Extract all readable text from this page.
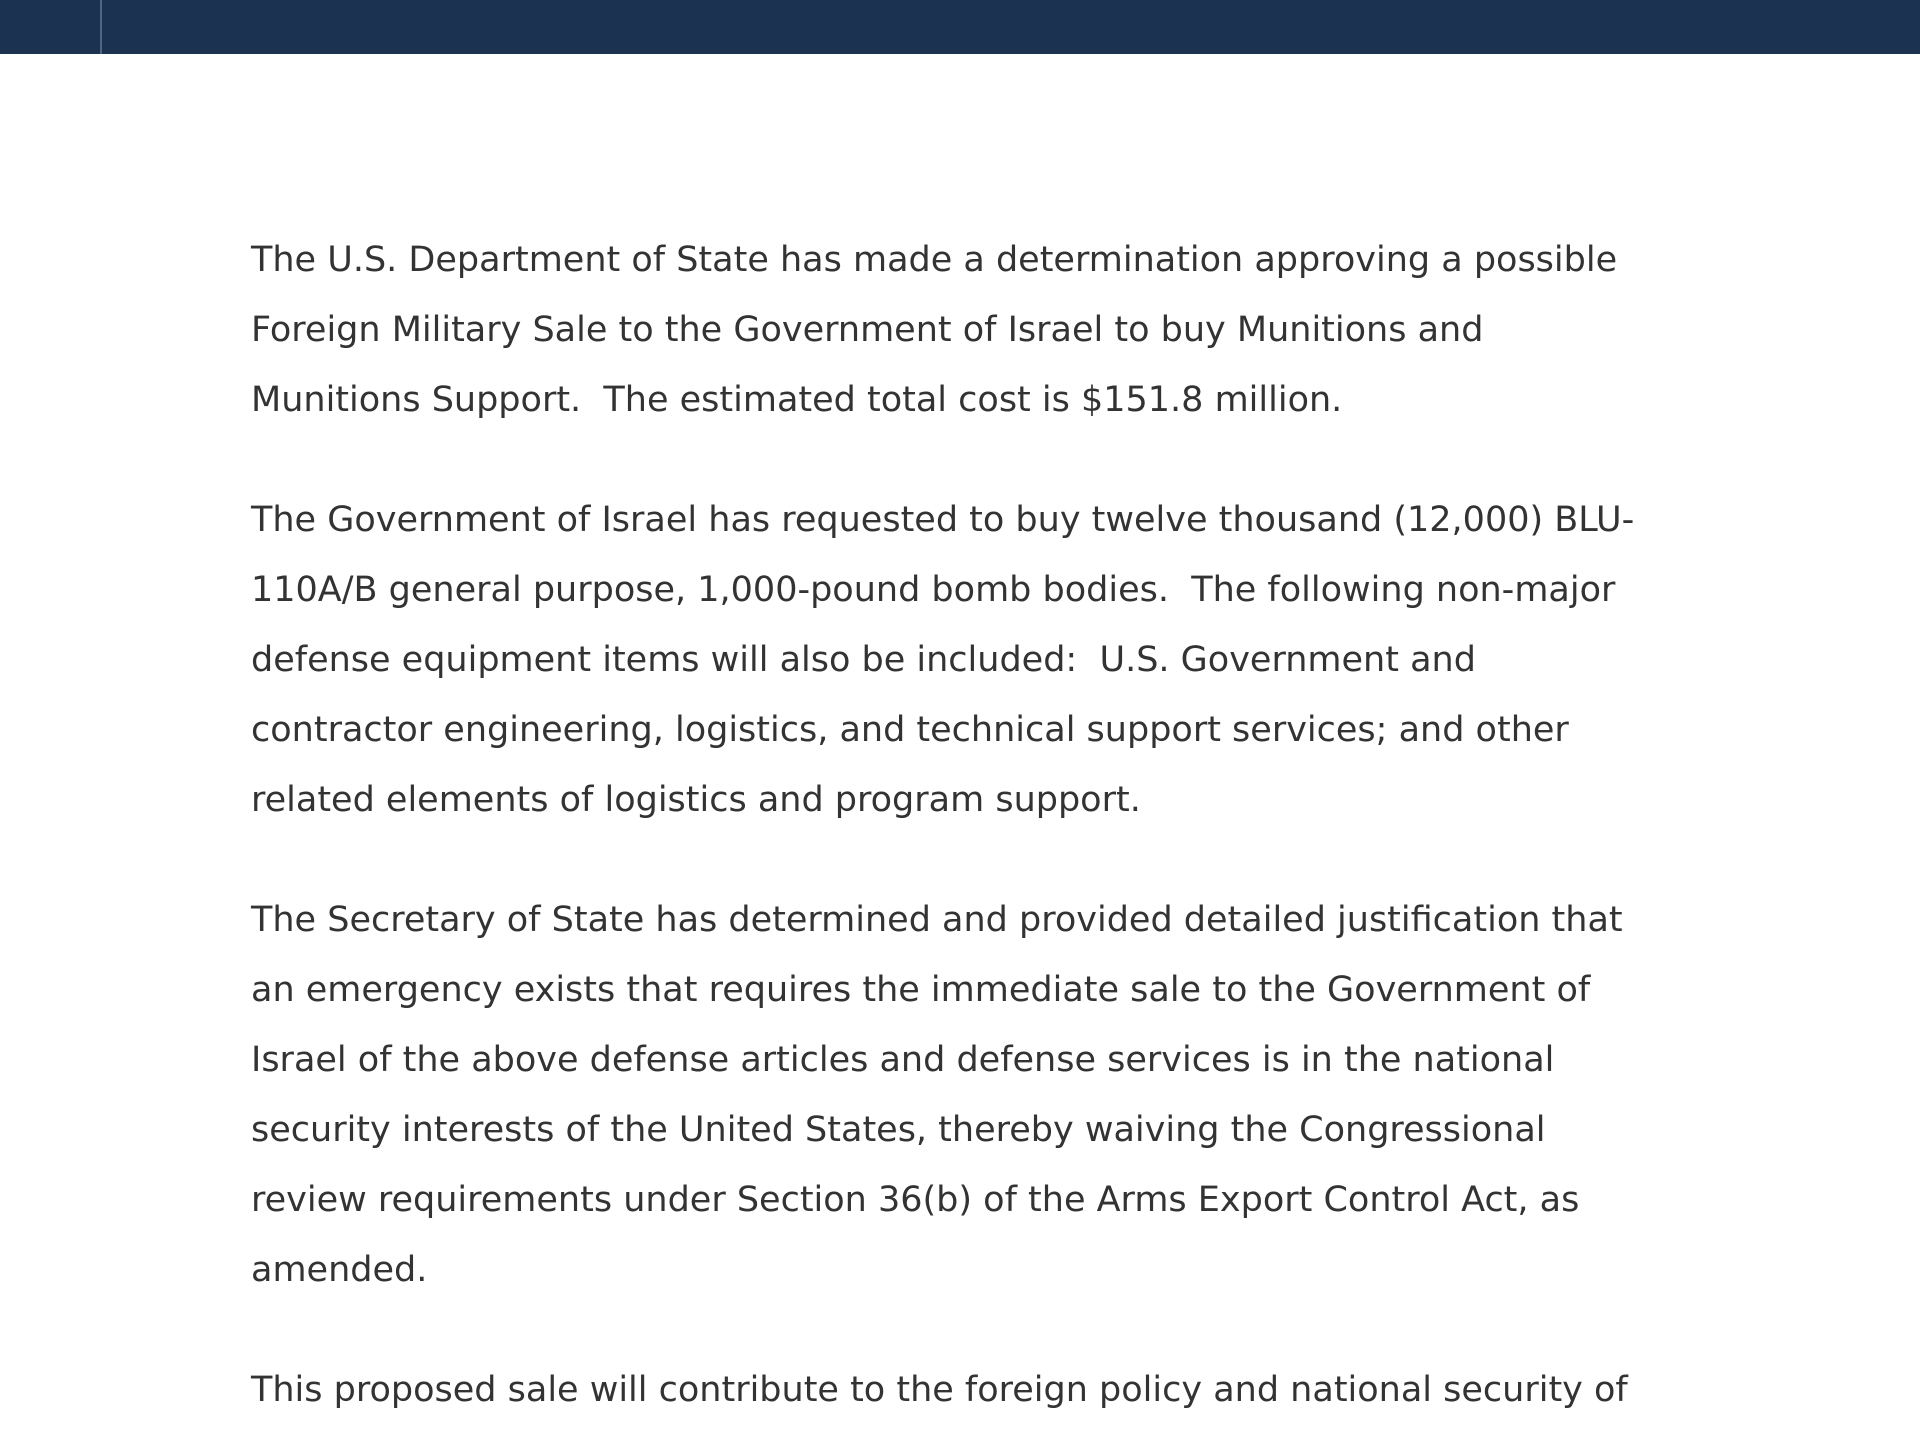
The U.S. Department of State has made a determination approving a possible
Foreign Military Sale to the Government of Israel to buy Munitions and
Munitions Support.  The estimated total cost is $151.8 million.

The Government of Israel has requested to buy twelve thousand (12,000) BLU-
110A/B general purpose, 1,000-pound bomb bodies.  The following non-major
defense equipment items will also be included:  U.S. Government and
contractor engineering, logistics, and technical support services; and other
related elements of logistics and program support.

The Secretary of State has determined and provided detailed justification that
an emergency exists that requires the immediate sale to the Government of
Israel of the above defense articles and defense services is in the national
security interests of the United States, thereby waiving the Congressional
review requirements under Section 36(b) of the Arms Export Control Act, as
amended.

This proposed sale will contribute to the foreign policy and national security of
